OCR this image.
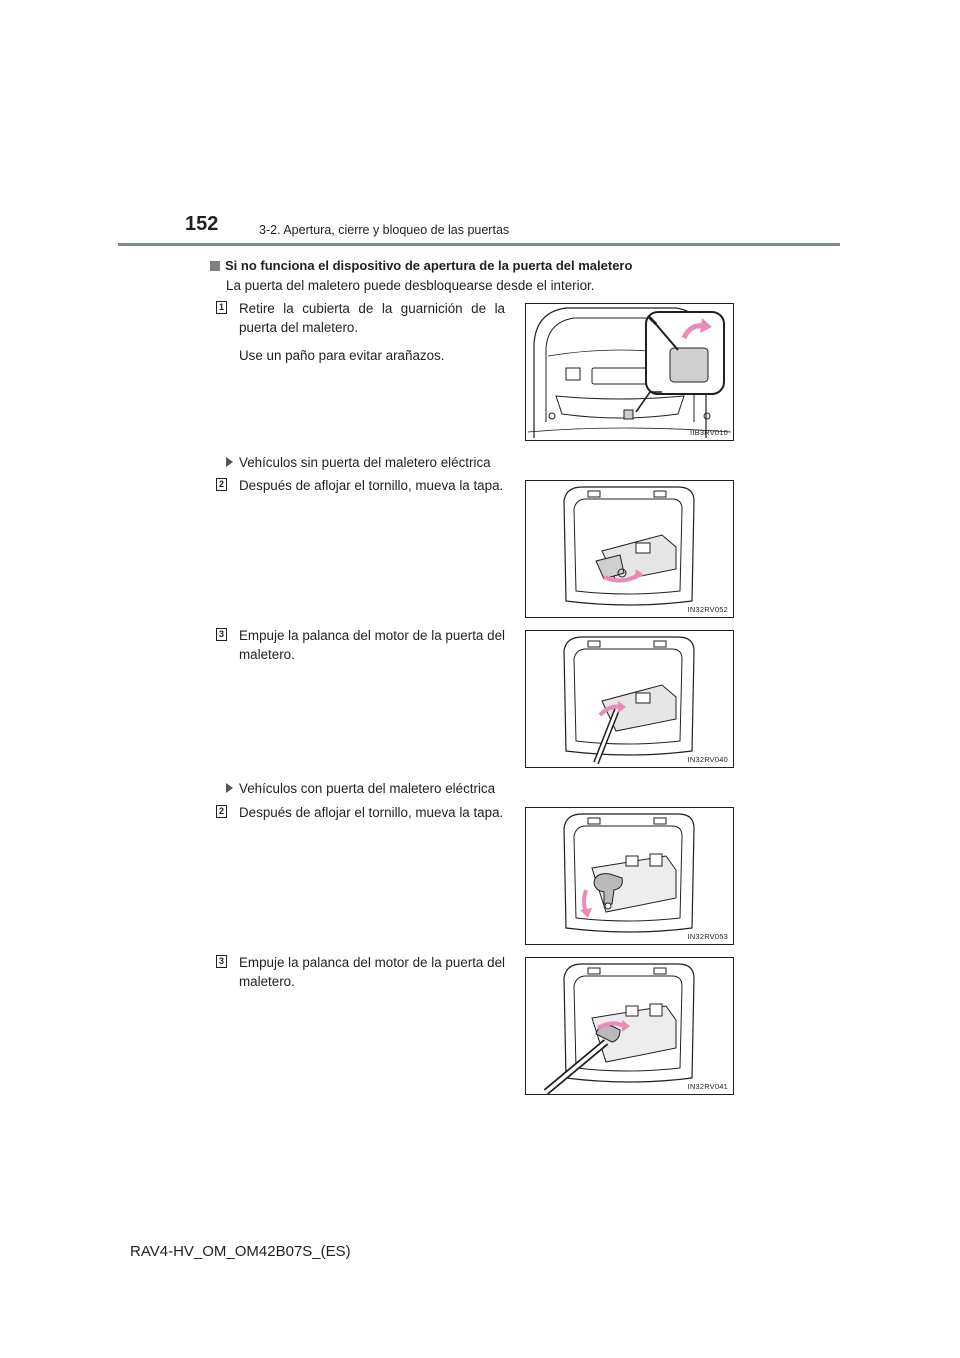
152	3-2. Apertura, cierre y bloqueo de las puertas
Si no funciona el dispositivo de apertura de la puerta del maletero
La puerta del maletero puede desbloquearse desde el interior.
1 Retire la cubierta de la guarnición de la puerta del maletero.

Use un paño para evitar arañazos.

IIB3RV010
Vehículos sin puerta del maletero eléctrica
2 Después de aflojar el tornillo, mueva la tapa.

IN32RV052
3 Empuje la palanca del motor de la puerta del maletero.

IN32RV040
Vehículos con puerta del maletero eléctrica
2 Después de aflojar el tornillo, mueva la tapa.

IN32RV053
3 Empuje la palanca del motor de la puerta del maletero.

IN32RV041
RAV4-HV_OM_OM42B07S_(ES)
